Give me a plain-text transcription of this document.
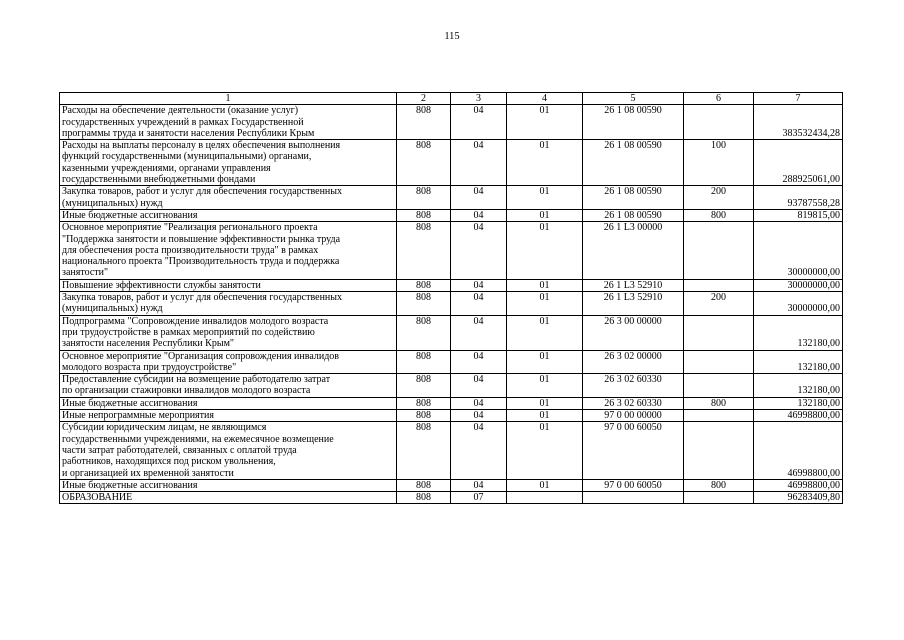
115
1	2	3	4	5	6	7

Расходы на обеспечение деятельности (оказание услуг)
государственных учреждений в рамках Государственной
программы труда и занятости населения Республики Крым	808	04	01	26 1 08 00590		383532434,28

Расходы на выплаты персоналу в целях обеспечения выполнения
функций государственными (муниципальными) органами,
казенными учреждениями, органами управления
государственными внебюджетными фондами	808	04	01	26 1 08 00590	100	288925061,00

Закупка товаров, работ и услуг для обеспечения государственных
(муниципальных) нужд	808	04	01	26 1 08 00590	200	93787558,28

Иные бюджетные ассигнования	808	04	01	26 1 08 00590	800	819815,00

Основное мероприятие "Реализация регионального проекта
"Поддержка занятости и повышение эффективности рынка труда
для обеспечения роста производительности труда" в рамках
национального проекта "Производительность труда и поддержка
занятости"	808	04	01	26 1 L3 00000		30000000,00

Повышение эффективности службы занятости	808	04	01	26 1 L3 52910		30000000,00

Закупка товаров, работ и услуг для обеспечения государственных
(муниципальных) нужд	808	04	01	26 1 L3 52910	200	30000000,00

Подпрограмма "Сопровождение инвалидов молодого возраста
при трудоустройстве в рамках мероприятий по содействию
занятости населения Республики Крым"	808	04	01	26 3 00 00000		132180,00

Основное мероприятие "Организация сопровождения инвалидов
молодого возраста при трудоустройстве"	808	04	01	26 3 02 00000		132180,00

Предоставление субсидии на возмещение работодателю затрат
по организации стажировки инвалидов молодого возраста	808	04	01	26 3 02 60330		132180,00

Иные бюджетные ассигнования	808	04	01	26 3 02 60330	800	132180,00

Иные непрограммные мероприятия	808	04	01	97 0 00 00000		46998800,00

Субсидии юридическим лицам, не являющимся
государственными учреждениями, на ежемесячное возмещение
части затрат работодателей, связанных с оплатой труда
работников, находящихся под риском увольнения,
и организацией их временной занятости	808	04	01	97 0 00 60050		46998800,00

Иные бюджетные ассигнования	808	04	01	97 0 00 60050	800	46998800,00

ОБРАЗОВАНИЕ	808	07				96283409,80
